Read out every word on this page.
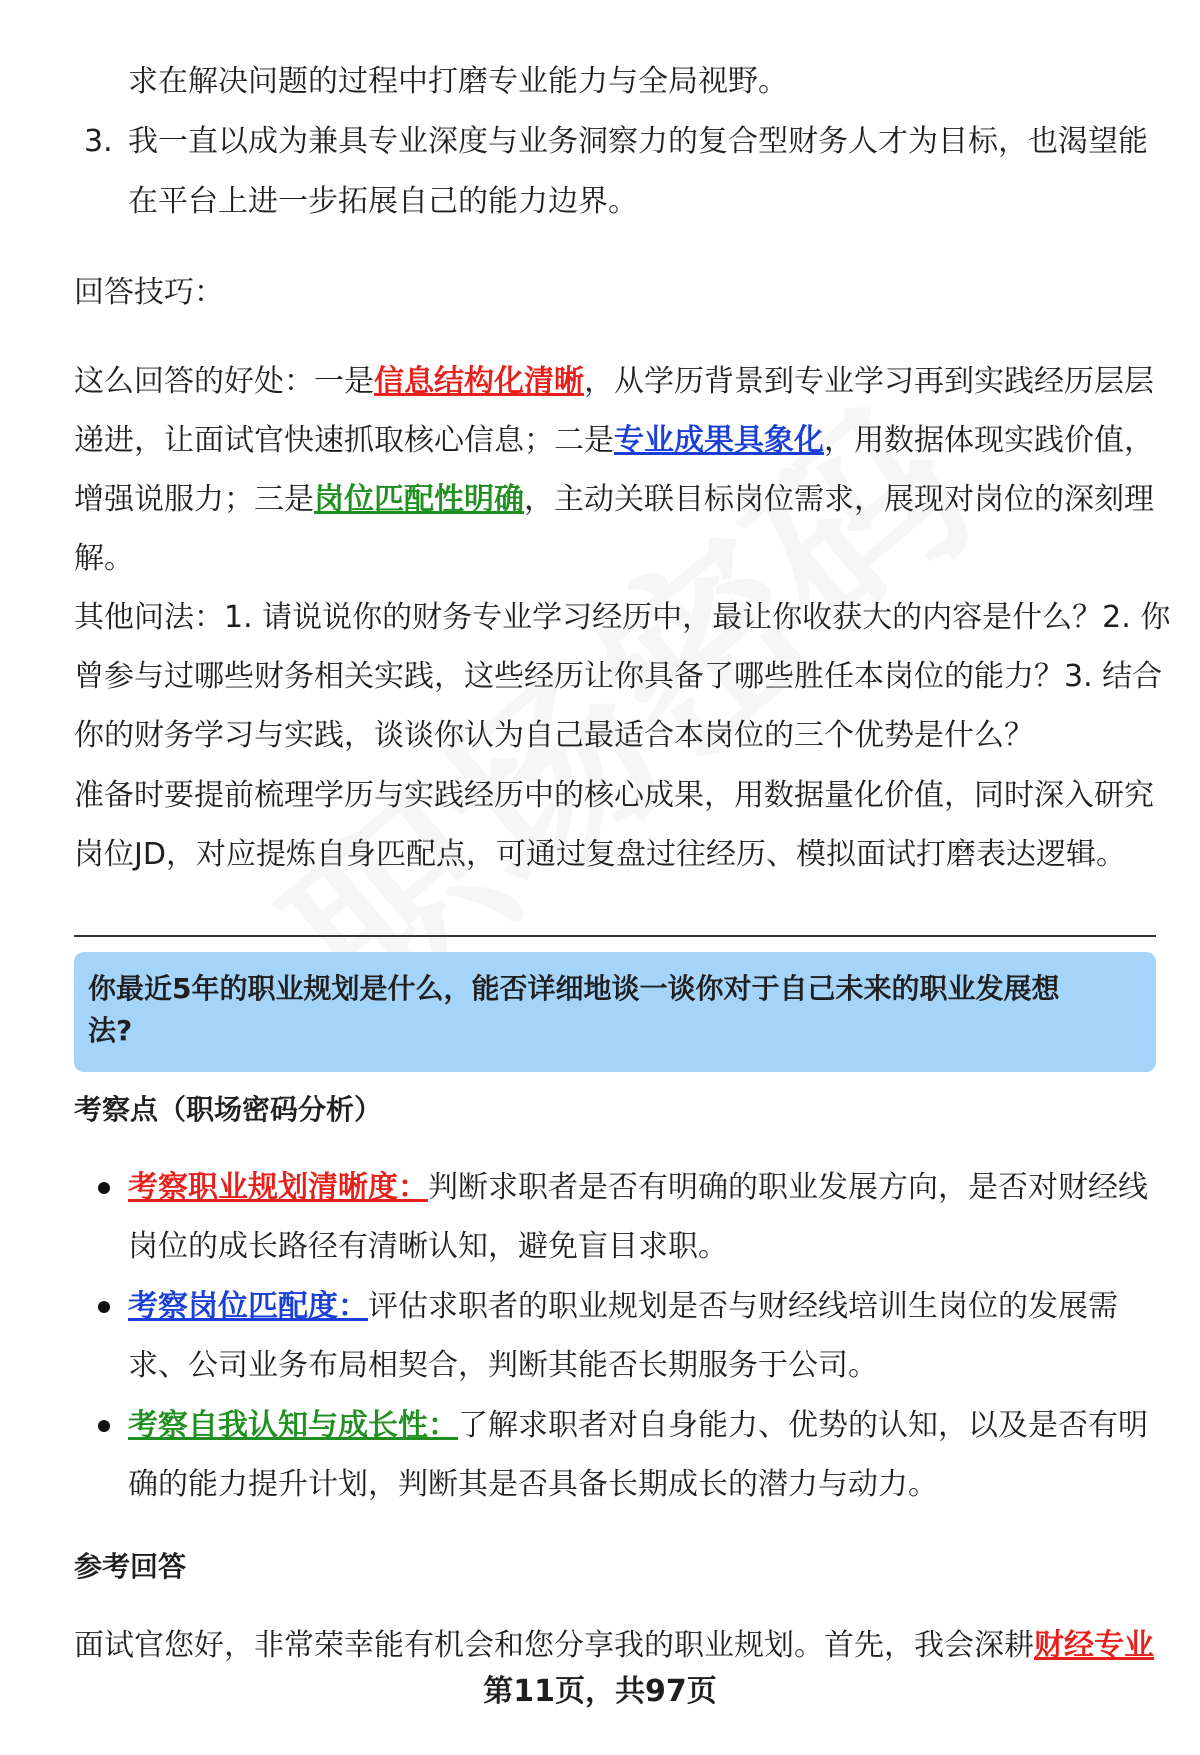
求在解决问题的过程中打磨专业能力与全局视野。
3. 我一直以成为兼具专业深度与业务洞察力的复合型财务人才为目标，也渴望能
在平台上进一步拓展自己的能力边界。
回答技巧：
这么回答的好处：一是信息结构化清晰，从学历背景到专业学习再到实践经历层层
递进，让面试官快速抓取核心信息；二是专业成果具象化，用数据体现实践价值，
增强说服力；三是岗位匹配性明确，主动关联目标岗位需求，展现对岗位的深刻理
解。
其他问法：1. 请说说你的财务专业学习经历中，最让你收获大的内容是什么？2. 你
曾参与过哪些财务相关实践，这些经历让你具备了哪些胜任本岗位的能力？3. 结合
你的财务学习与实践，谈谈你认为自己最适合本岗位的三个优势是什么？
准备时要提前梳理学历与实践经历中的核心成果，用数据量化价值，同时深入研究
岗位JD，对应提炼自身匹配点，可通过复盘过往经历、模拟面试打磨表达逻辑。
你最近5年的职业规划是什么，能否详细地谈一谈你对于自己未来的职业发展想
法?
考察点（职场密码分析）
考察职业规划清晰度：判断求职者是否有明确的职业发展方向，是否对财经线
岗位的成长路径有清晰认知，避免盲目求职。
考察岗位匹配度：评估求职者的职业规划是否与财经线培训生岗位的发展需
求、公司业务布局相契合，判断其能否长期服务于公司。
考察自我认知与成长性：了解求职者对自身能力、优势的认知，以及是否有明
确的能力提升计划，判断其是否具备长期成长的潜力与动力。
参考回答
面试官您好，非常荣幸能有机会和您分享我的职业规划。首先，我会深耕财经专业
第11页，共97页
